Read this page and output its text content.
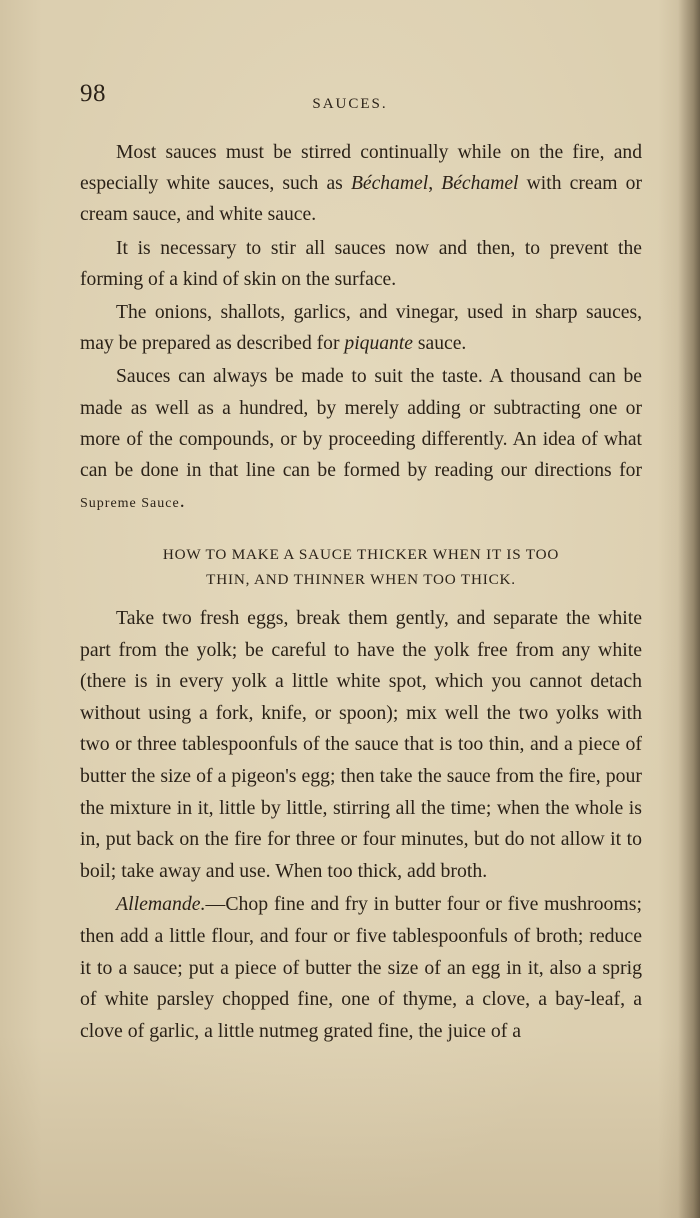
98	SAUCES.

Most sauces must be stirred continually while on the fire, and especially white sauces, such as Béchamel, Béchamel with cream or cream sauce, and white sauce.

It is necessary to stir all sauces now and then, to prevent the forming of a kind of skin on the surface.

The onions, shallots, garlics, and vinegar, used in sharp sauces, may be prepared as described for piquante sauce.

Sauces can always be made to suit the taste. A thousand can be made as well as a hundred, by merely adding or subtracting one or more of the compounds, or by proceeding differently. An idea of what can be done in that line can be formed by reading our directions for Supreme Sauce.

HOW TO MAKE A SAUCE THICKER WHEN IT IS TOO
THIN, AND THINNER WHEN TOO THICK.

Take two fresh eggs, break them gently, and separate the white part from the yolk; be careful to have the yolk free from any white (there is in every yolk a little white spot, which you cannot detach without using a fork, knife, or spoon); mix well the two yolks with two or three tablespoonfuls of the sauce that is too thin, and a piece of butter the size of a pigeon's egg; then take the sauce from the fire, pour the mixture in it, little by little, stirring all the time; when the whole is in, put back on the fire for three or four minutes, but do not allow it to boil; take away and use. When too thick, add broth.

Allemande.—Chop fine and fry in butter four or five mushrooms; then add a little flour, and four or five tablespoonfuls of broth; reduce it to a sauce; put a piece of butter the size of an egg in it, also a sprig of white parsley chopped fine, one of thyme, a clove, a bay-leaf, a clove of garlic, a little nutmeg grated fine, the juice of a
